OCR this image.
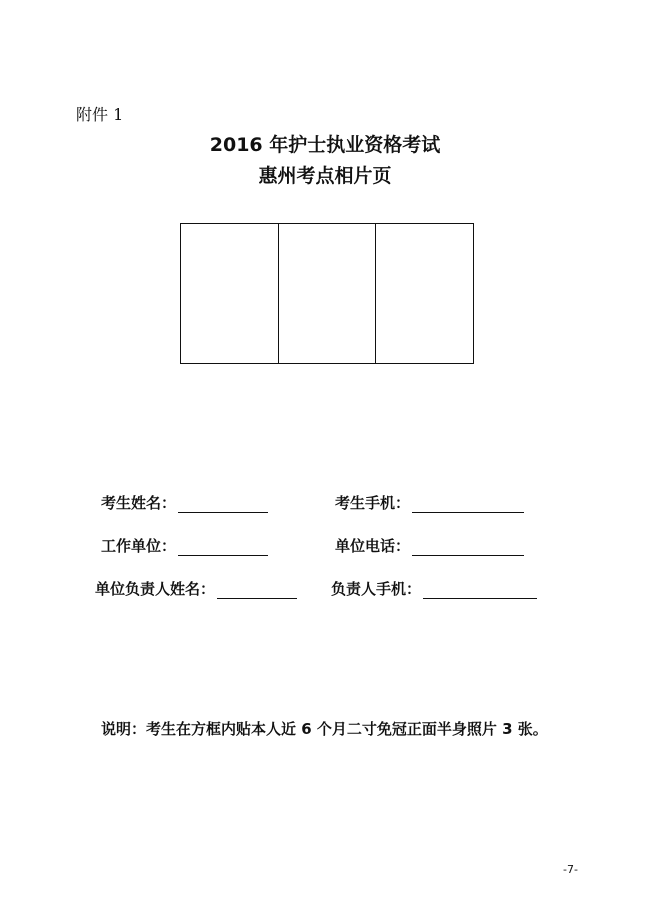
附件 1
2016 年护士执业资格考试
惠州考点相片页
考生姓名：	考生手机：
工作单位：	单位电话：
单位负责人姓名：	负责人手机：
说明：考生在方框内贴本人近 6 个月二寸免冠正面半身照片 3 张。
-7-
